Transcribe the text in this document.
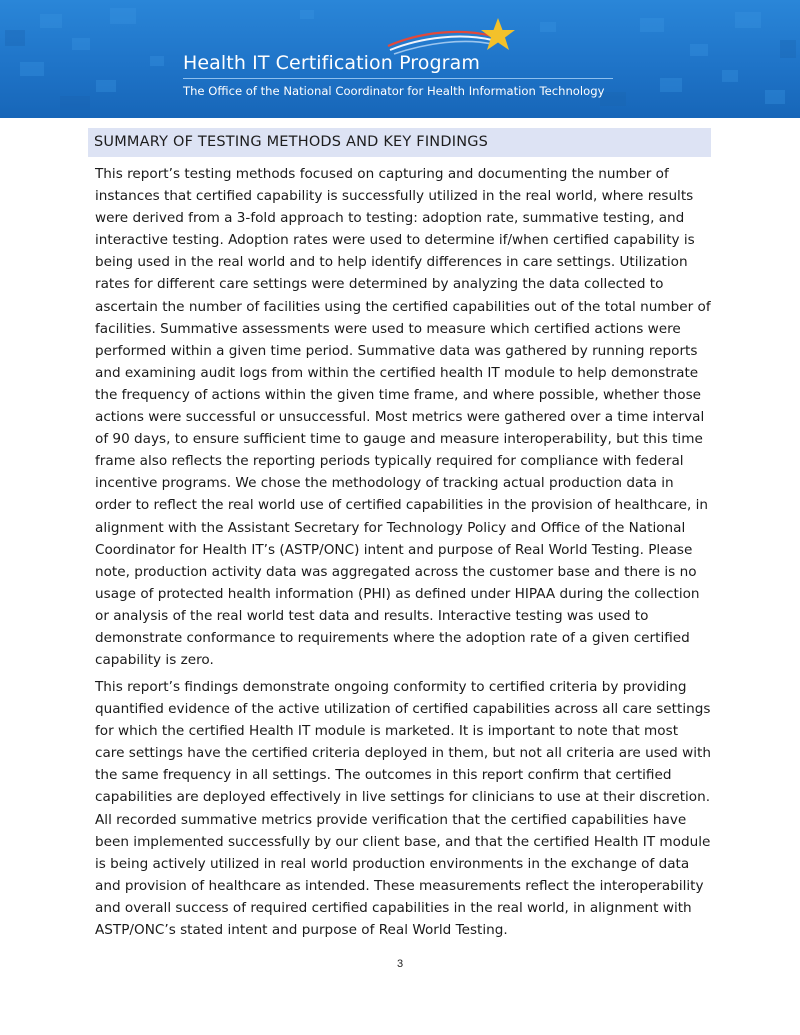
Health IT Certification Program
The Office of the National Coordinator for Health Information Technology
SUMMARY OF TESTING METHODS AND KEY FINDINGS

This report’s testing methods focused on capturing and documenting the number of instances that certified capability is successfully utilized in the real world, where results were derived from a 3-fold approach to testing: adoption rate, summative testing, and interactive testing. Adoption rates were used to determine if/when certified capability is being used in the real world and to help identify differences in care settings. Utilization rates for different care settings were determined by analyzing the data collected to ascertain the number of facilities using the certified capabilities out of the total number of facilities. Summative assessments were used to measure which certified actions were performed within a given time period. Summative data was gathered by running reports and examining audit logs from within the certified health IT module to help demonstrate the frequency of actions within the given time frame, and where possible, whether those actions were successful or unsuccessful. Most metrics were gathered over a time interval of 90 days, to ensure sufficient time to gauge and measure interoperability, but this time frame also reflects the reporting periods typically required for compliance with federal incentive programs. We chose the methodology of tracking actual production data in order to reflect the real world use of certified capabilities in the provision of healthcare, in alignment with the Assistant Secretary for Technology Policy and Office of the National Coordinator for Health IT’s (ASTP/ONC) intent and purpose of Real World Testing. Please note, production activity data was aggregated across the customer base and there is no usage of protected health information (PHI) as defined under HIPAA during the collection or analysis of the real world test data and results. Interactive testing was used to demonstrate conformance to requirements where the adoption rate of a given certified capability is zero.

This report’s findings demonstrate ongoing conformity to certified criteria by providing quantified evidence of the active utilization of certified capabilities across all care settings for which the certified Health IT module is marketed. It is important to note that most care settings have the certified criteria deployed in them, but not all criteria are used with the same frequency in all settings. The outcomes in this report confirm that certified capabilities are deployed effectively in live settings for clinicians to use at their discretion. All recorded summative metrics provide verification that the certified capabilities have been implemented successfully by our client base, and that the certified Health IT module is being actively utilized in real world production environments in the exchange of data and provision of healthcare as intended. These measurements reflect the interoperability and overall success of required certified capabilities in the real world, in alignment with ASTP/ONC’s stated intent and purpose of Real World Testing.

3
